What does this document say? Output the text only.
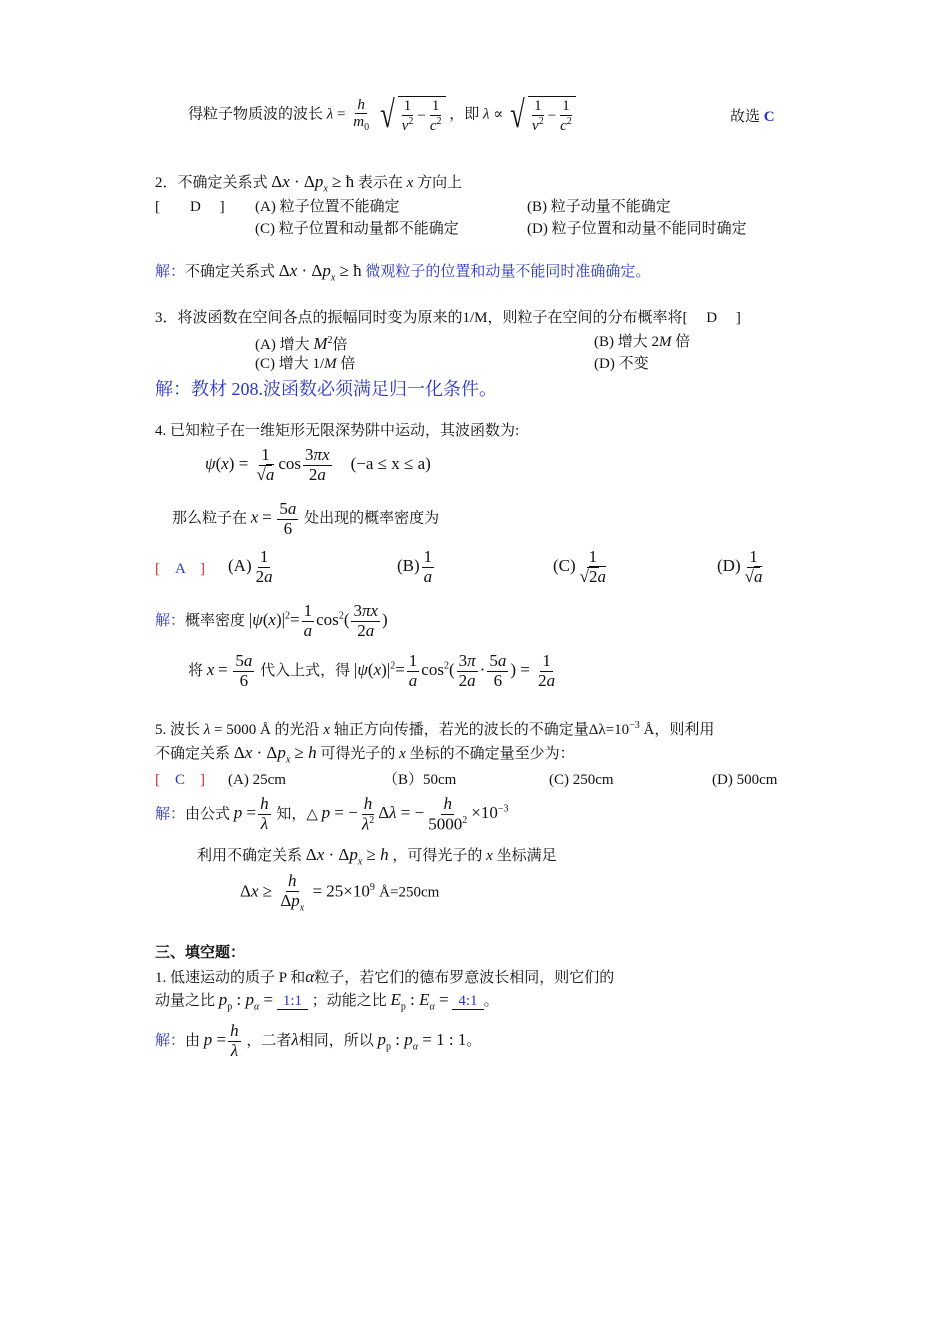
得粒子物质波的波长 $\lambda = \frac{h}{m_0}$
√ $\frac{1}{v^2} - \frac{1}{c^2}$ ，即 λ ∝ √ $\frac{1}{v^2} - \frac{1}{c^2}$	故选 C
2．不确定关系式 $\Delta x \cdot \Delta p_x$ ≥ ħ 表示在 x 方向上
[　　D　 ] (A) 粒子位置不能确定	(B) 粒子动量不能确定
(C) 粒子位置和动量都不能确定	(D) 粒子位置和动量不能同时确定
解：不确定关系式 $\Delta x \cdot \Delta p_x$ ≥ ħ 微观粒子的位置和动量不能同时准确确定。
3．将波函数在空间各点的振幅同时变为原来的1/M，则粒子在空间的分布概率将[　 D　 ]
(A) 增大 $M^2$倍	(B) 增大 2M 倍
(C) 增大 1/M 倍	(D) 不变
解：教材 208.波函数必须满足归一化条件。
4. 已知粒子在一维矩形无限深势阱中运动，其波函数为:
$\psi(x) = \frac{1}{√a}$ $\cos \frac{3\pi x}{2a} (-a \le x \le a)$
那么粒子在 $x = \frac{5a}{6}$ 处出现的概率密度为
[　A　] $(A) \frac{1}{2a}$	$(B) \frac{1}{a}$	$(C) \frac{1}{√2a}$	$(D) \frac{1}{√a}$
解：概率密度 $|\psi(x)|^2= \frac{1}{a} \cos^2( \frac{3\pi x}{2a}$ )
将 $x = \frac{5a}{6}$ 代入上式，得 $|\psi(x)|^2= \frac{1}{a} \cos^2( \frac{3\pi}{2a} \cdot \frac{5a}{6}$ ) = $\frac{1}{2a}$
5. 波长 λ = 5000 Å 的光沿 x 轴正方向传播，若光的波长的不确定量$\Delta\lambda=10^{-3}$ Å，则利用
不确定关系 $\Delta x \cdot \Delta p_x \ge h$ 可得光子的 x 坐标的不确定量至少为：
[　C　] (A) 25cm	（B）50cm	(C) 250cm	(D) 500cm
解：由公式 $p = \frac{h}{\lambda}$ 知，△ p = − $\frac{h}{\lambda^2}$ Δλ = − $\frac{h}{5000^2} \times 10^{-3}$
利用不确定关系 $\Delta x \cdot \Delta p_x \ge h$ ，可得光子的 x 坐标满足
$\Delta x \ge \frac{h}{\Delta p_x} = 25\times 10^9$ Å=250cm
三、填空题：
1. 低速运动的质子 P 和α粒子，若它们的德布罗意波长相同，则它们的
动量之比 $p_p$ : $p_\alpha$ = 1:1 ；动能之比 $E_p$ : $E_\alpha$ = 4:1 。
解：由 $p = \frac{h}{\lambda}$ ，二者λ相同，所以 $p_p$ : $p_\alpha = 1$ : 1。
